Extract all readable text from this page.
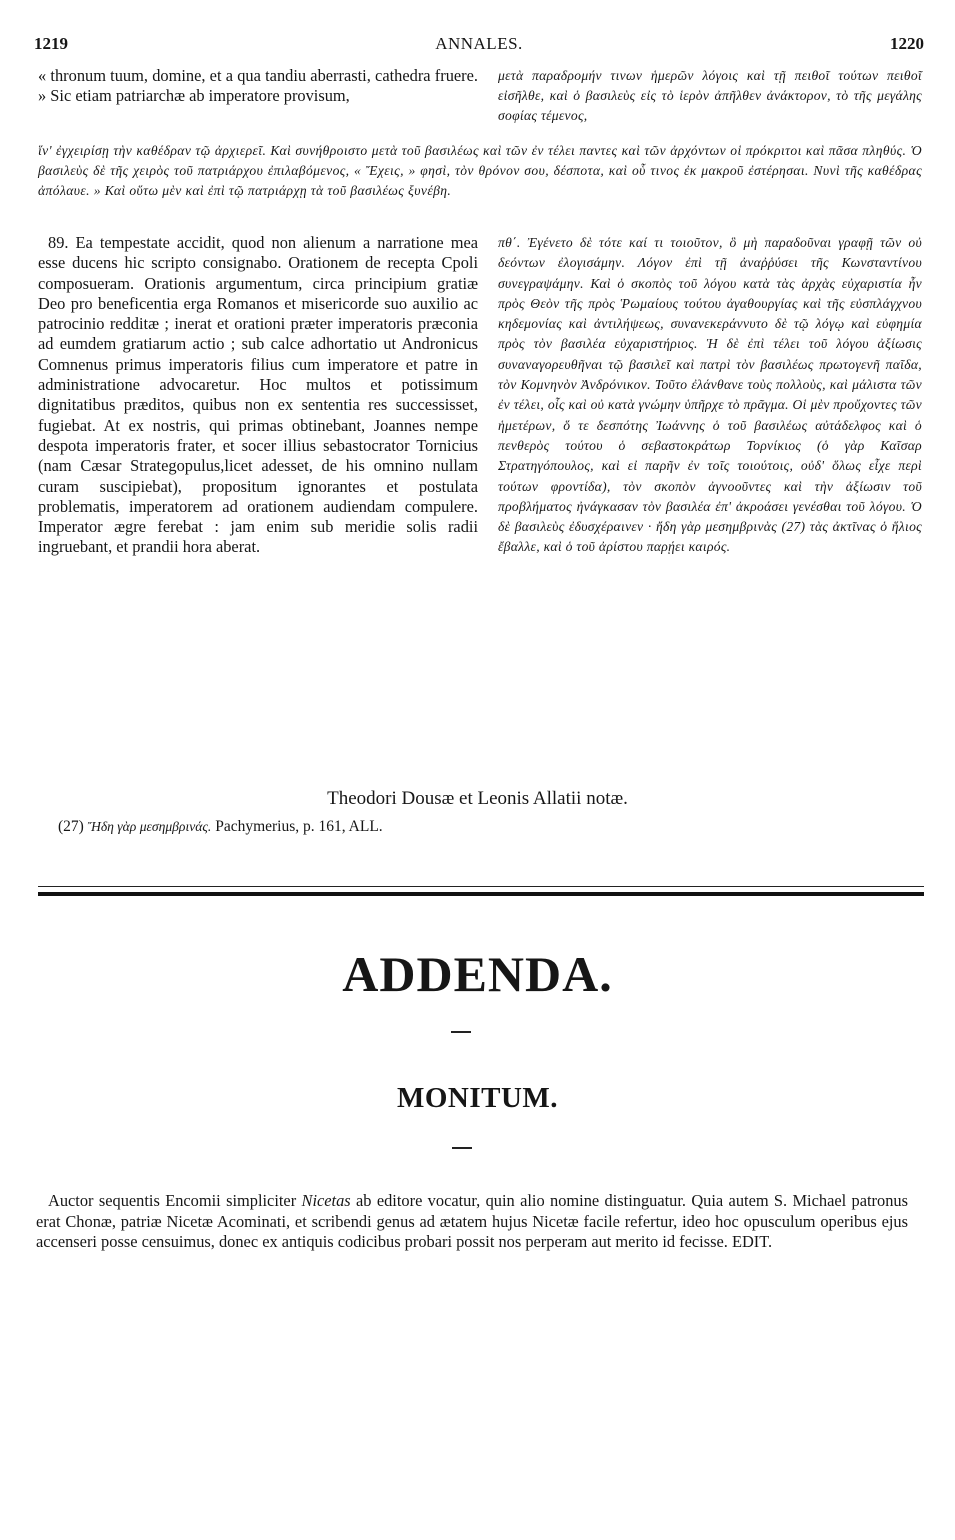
1219	ANNALES.	1220

« thronum tuum, domine, et a qua tandiu aberrasti, cathedra fruere. » Sic etiam patriarchæ ab imperatore provisum,

μετὰ παραδρομήν τινων ἡμερῶν λόγοις καὶ τῇ πειθοῖ τούτων πειθοῖ εἰσῆλθε, καὶ ὁ βασιλεὺς εἰς τὸ ἱερὸν ἀπῆλθεν ἀνάκτορον, τὸ τῆς μεγάλης σοφίας τέμενος,

ἵν' ἐγχειρίσῃ τὴν καθέδραν τῷ ἀρχιερεῖ. Καὶ συνήθροιστο μετὰ τοῦ βασιλέως καὶ τῶν ἐν τέλει παντες καὶ τῶν ἀρχόντων οἱ πρόκριτοι καὶ πᾶσα πληθύς. Ὁ βασιλεὺς δὲ τῆς χειρὸς τοῦ πατριάρχου ἐπιλαβόμενος, « Ἔχεις, » φησὶ, τὸν θρόνον σου, δέσποτα, καὶ οὗ τινος ἐκ μακροῦ ἐστέρησαι. Νυνὶ τῆς καθέδρας ἀπόλαυε. » Καὶ οὕτω μὲν καὶ ἐπὶ τῷ πατριάρχῃ τὰ τοῦ βασιλέως ξυνέβη.

89. Ea tempestate accidit, quod non alienum a narratione mea esse ducens hic scripto consignabo. Orationem de recepta Cpoli composueram. Orationis argumentum, circa principium gratiæ Deo pro beneficentia erga Romanos et misericorde suo auxilio ac patrocinio redditæ ; inerat et orationi præter imperatoris præconia ad eumdem gratiarum actio ; sub calce adhortatio ut Andronicus Comnenus primus imperatoris filius cum imperatore et patre in administratione advocaretur. Hoc multos et potissimum dignitatibus præditos, quibus non ex sententia res successisset, fugiebat. At ex nostris, qui primas obtinebant, Joannes nempe despota imperatoris frater, et socer illius sebastocrator Tornicius (nam Cæsar Strategopulus,licet adesset, de his omnino nullam curam suscipiebat), propositum ignorantes et postulata problematis, imperatorem ad orationem audiendam compulere. Imperator ægre ferebat : jam enim sub meridie solis radii ingruebant, et prandii hora aberat.

πθ΄. Ἐγένετο δὲ τότε καί τι τοιοῦτον, ὃ μὴ παραδοῦναι γραφῇ τῶν οὐ δεόντων ἐλογισάμην. Λόγον ἐπὶ τῇ ἀναῤῥύσει τῆς Κωνσταντίνου συνεγραψάμην. Καὶ ὁ σκοπὸς τοῦ λόγου κατὰ τὰς ἀρχὰς εὐχαριστία ἦν πρὸς Θεὸν τῆς πρὸς Ῥωμαίους τούτου ἀγαθουργίας καὶ τῆς εὐσπλάγχνου κηδεμονίας καὶ ἀντιλήψεως, συνανεκεράννυτο δὲ τῷ λόγῳ καὶ εὐφημία πρὸς τὸν βασιλέα εὐχαριστήριος. Ἡ δὲ ἐπὶ τέλει τοῦ λόγου ἀξίωσις συναναγορευθῆναι τῷ βασιλεῖ καὶ πατρὶ τὸν βασιλέως πρωτογενῆ παῖδα, τὸν Κομνηνὸν Ἀνδρόνικον. Τοῦτο ἐλάνθανε τοὺς πολλοὺς, καὶ μάλιστα τῶν ἐν τέλει, οἷς καὶ οὐ κατὰ γνώμην ὑπῆρχε τὸ πρᾶγμα. Οἱ μὲν προὔχοντες τῶν ἡμετέρων, ὅ τε δεσπότης Ἰωάννης ὁ τοῦ βασιλέως αὐτάδελφος καὶ ὁ πενθερὸς τούτου ὁ σεβαστοκράτωρ Τορνίκιος (ὁ γὰρ Καῖσαρ Στρατηγόπουλος, καὶ εἰ παρῆν ἐν τοῖς τοιούτοις, οὐδ' ὅλως εἶχε περὶ τούτων φροντίδα), τὸν σκοπὸν ἀγνοοῦντες καὶ τὴν ἀξίωσιν τοῦ προβλήματος ἠνάγκασαν τὸν βασιλέα ἐπ' ἀκροάσει γενέσθαι τοῦ λόγου. Ὁ δὲ βασιλεὺς ἐδυσχέραινεν · ἤδη γὰρ μεσημβρινὰς (27) τὰς ἀκτῖνας ὁ ἥλιος ἔβαλλε, καὶ ὁ τοῦ ἀρίστου παρῄει καιρός.

Theodori Dousæ et Leonis Allatii notæ.
(27) Ἤδη γὰρ μεσημβρινάς. Pachymerius, p. 161, ALL.
ADDENDA.
MONITUM.

Auctor sequentis Encomii simpliciter Nicetas ab editore vocatur, quin alio nomine distinguatur. Quia autem S. Michael patronus erat Chonæ, patriæ Nicetæ Acominati, et scribendi genus ad ætatem hujus Nicetæ facile refertur, ideo hoc opusculum operibus ejus accenseri posse censuimus, donec ex antiquis codicibus probari possit nos perperam aut merito id fecisse. EDIT.
